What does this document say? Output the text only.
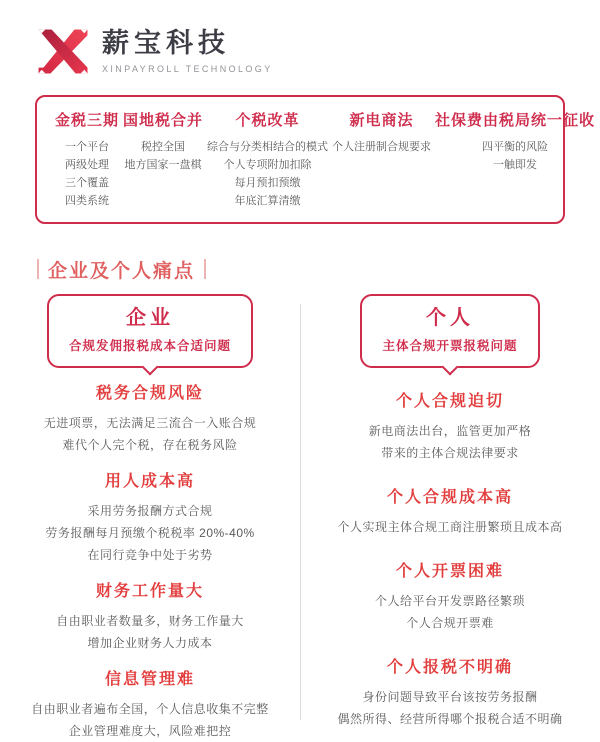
薪宝科技
XINPAYROLL TECHNOLOGY
金税三期
一个平台
两级处理
三个覆盖
四类系统
国地税合并
税控全国
地方国家一盘棋
个税改革
综合与分类相结合的模式
个人专项附加扣除
每月预扣预缴
年底汇算清缴
新电商法
个人注册制合规要求
社保费由税局统一征收
四平衡的风险
一触即发
企业及个人痛点
企业
合规发佣报税成本合适问题
税务合规风险
无进项票，无法满足三流合一入账合规
难代个人完个税，存在税务风险
用人成本高
采用劳务报酬方式合规
劳务报酬每月预缴个税税率 20%-40%
在同行竞争中处于劣势
财务工作量大
自由职业者数量多，财务工作量大
增加企业财务人力成本
信息管理难
自由职业者遍布全国，个人信息收集不完整
企业管理难度大，风险难把控
个人
主体合规开票报税问题
个人合规迫切
新电商法出台，监管更加严格
带来的主体合规法律要求
个人合规成本高
个人实现主体合规工商注册繁琐且成本高
个人开票困难
个人给平台开发票路径繁琐
个人合规开票难
个人报税不明确
身份问题导致平台该按劳务报酬
偶然所得、经营所得哪个报税合适不明确
